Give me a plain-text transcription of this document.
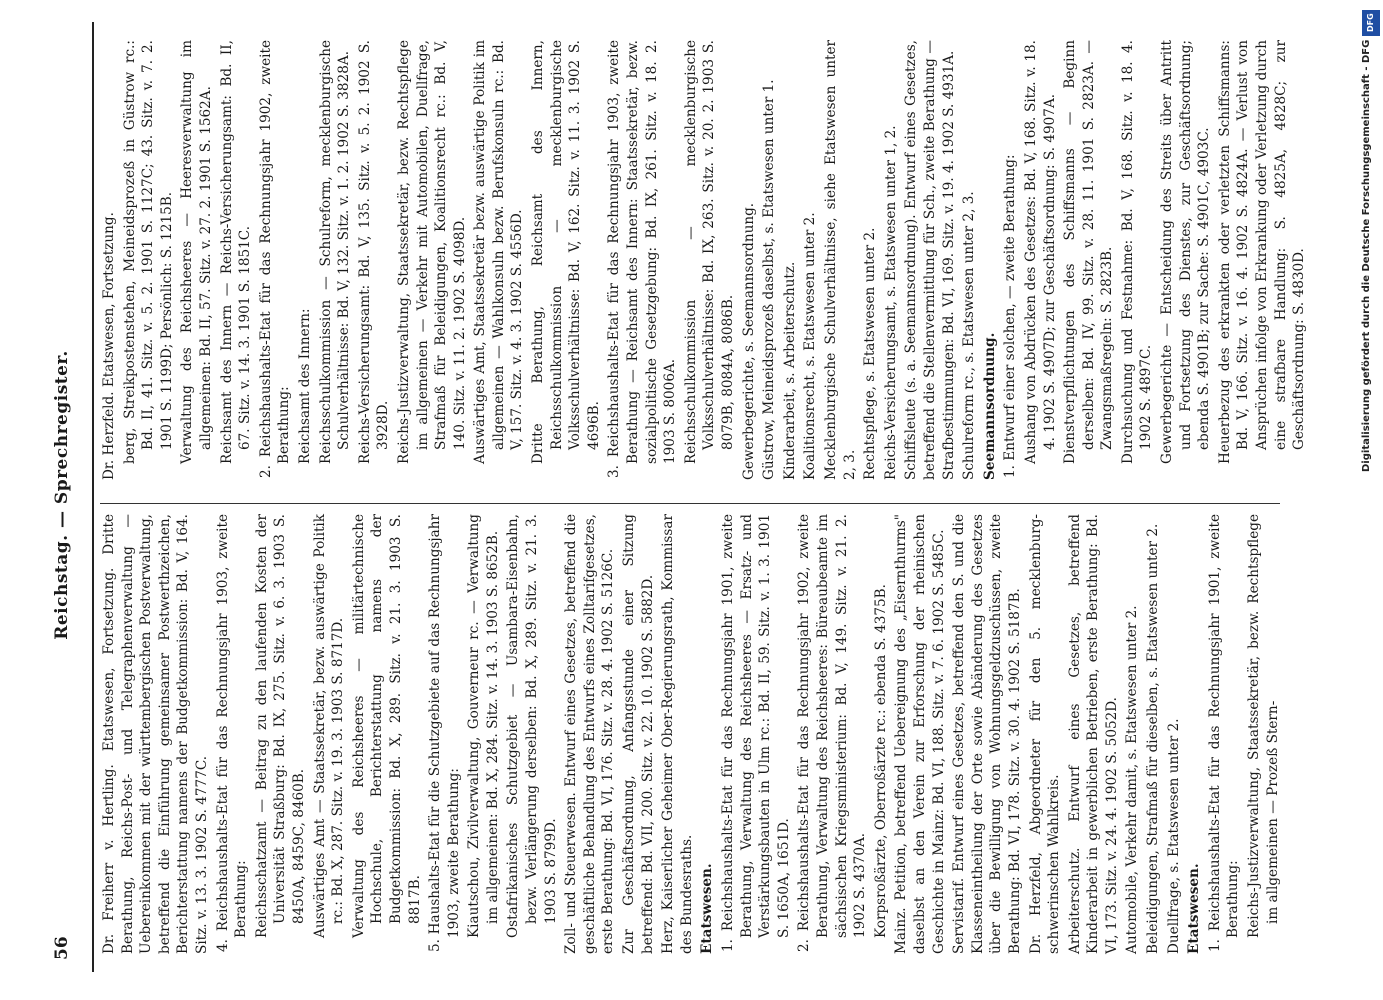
56
Reichstag. — Sprechregister.

Dr. Freiherr v. Hertling. Etatswesen, Fortsetzung. Dritte Berathung, Reichs-Post- und Telegraphenverwaltung — Uebereinkommen mit der württembergischen Postverwaltung, betreffend die Einführung gemeinsamer Postwerthzeichen, Berichterstattung namens der Budgetkommission: Bd. V, 164. Sitz. v. 13. 3. 1902 S. 4777C. 4. Reichshaushalts-Etat für das Rechnungsjahr 1903, zweite Berathung: Reichsschatzamt — Beitrag zu den laufenden Kosten der Universität Straßburg: Bd. IX, 275. Sitz. v. 6. 3. 1903 S. 8450A, 8459C, 8460B. Auswärtiges Amt — Staatssekretär, bezw. auswärtige Politik rc.: Bd. X, 287. Sitz. v. 19. 3. 1903 S. 8717D. Verwaltung des Reichsheeres — militärtechnische Hochschule, Berichterstattung namens der Budgetkommission: Bd. X, 289. Sitz. v. 21. 3. 1903 S. 8817B. 5. Haushalts-Etat für die Schutzgebiete auf das Rechnungsjahr 1903, zweite Berathung: Kiautschou, Zivilverwaltung, Gouverneur rc. — Verwaltung im allgemeinen: Bd. X, 284. Sitz. v. 14. 3. 1903 S. 8652B. Ostafrikanisches Schutzgebiet — Usambara-Eisenbahn, bezw. Verlängerung derselben: Bd. X, 289. Sitz. v. 21. 3. 1903 S. 8799D. Zoll- und Steuerwesen. Entwurf eines Gesetzes, betreffend die geschäftliche Behandlung des Entwurfs eines Zolltarifgesetzes, erste Berathung: Bd. VI, 176. Sitz. v. 28. 4. 1902 S. 5126C. Zur Geschäftsordnung, Anfangsstunde einer Sitzung betreffend: Bd. VII, 200. Sitz. v. 22. 10. 1902 S. 5882D. Herz, Kaiserlicher Geheimer Ober-Regierungsrath, Kommissar des Bundesraths. Etatswesen. 1. Reichshaushalts-Etat für das Rechnungsjahr 1901, zweite Berathung, Verwaltung des Reichsheeres — Ersatz- und Verstärkungsbauten in Ulm rc.: Bd. II, 59. Sitz. v. 1. 3. 1901 S. 1650A, 1651D. 2. Reichshaushalts-Etat für das Rechnungsjahr 1902, zweite Berathung, Verwaltung des Reichsheeres: Büreaubeamte im sächsischen Kriegsministerium: Bd. V, 149. Sitz. v. 21. 2. 1902 S. 4370A. Korpsroßärzte, Oberroßärzte rc.: ebenda S. 4375B. Mainz. Petition, betreffend Uebereignung des „Eisernthurms" daselbst an den Verein zur Erforschung der rheinischen Geschichte in Mainz: Bd. VI, 188. Sitz. v. 7. 6. 1902 S. 5485C. Servistarif. Entwurf eines Gesetzes, betreffend den S. und die Klasseneintheilung der Orte sowie Abänderung des Gesetzes über die Bewilligung von Wohnungsgeldzuschüssen, zweite Berathung: Bd. VI, 178. Sitz. v. 30. 4. 1902 S. 5187B. Dr. Herzfeld, Abgeordneter für den 5. mecklenburg-schwerinschen Wahlkreis. Arbeiterschutz. Entwurf eines Gesetzes, betreffend Kinderarbeit in gewerblichen Betrieben, erste Berathung: Bd. VI, 173. Sitz. v. 24. 4. 1902 S. 5052D. Automobile, Verkehr damit, s. Etatswesen unter 2. Beleidigungen, Strafmaß für dieselben, s. Etatswesen unter 2. Duellfrage, s. Etatswesen unter 2. Etatswesen. 1. Reichshaushalts-Etat für das Rechnungsjahr 1901, zweite Berathung: Reichs-Justizverwaltung, Staatssekretär, bezw. Rechtspflege im allgemeinen — Prozeß Stern-

Dr. Herzfeld. Etatswesen, Fortsetzung. berg, Streikpostenstehen, Meineidsprozeß in Güstrow rc.: Bd. II, 41. Sitz. v. 5. 2. 1901 S. 1127C; 43. Sitz. v. 7. 2. 1901 S. 1199D; Persönlich: S. 1215B. Verwaltung des Reichsheeres — Heeresverwaltung im allgemeinen: Bd. II, 57. Sitz. v. 27. 2. 1901 S. 1562A. Reichsamt des Innern — Reichs-Versicherungsamt: Bd. II, 67. Sitz. v. 14. 3. 1901 S. 1851C. 2. Reichshaushalts-Etat für das Rechnungsjahr 1902, zweite Berathung: Reichsamt des Innern: Reichsschulkommission — Schulreform, mecklenburgische Schulverhältnisse: Bd. V, 132. Sitz. v. 1. 2. 1902 S. 3828A. Reichs-Versicherungsamt: Bd. V, 135. Sitz. v. 5. 2. 1902 S. 3928D. Reichs-Justizverwaltung, Staatssekretär, bezw. Rechtspflege im allgemeinen — Verkehr mit Automobilen, Duellfrage, Strafmaß für Beleidigungen, Koalitionsrecht rc.: Bd. V, 140. Sitz. v. 11. 2. 1902 S. 4098D. Auswärtiges Amt, Staatssekretär bezw. auswärtige Politik im allgemeinen — Wahlkonsuln bezw. Berufskonsuln rc.: Bd. V, 157. Sitz. v. 4. 3. 1902 S. 4556D. Dritte Berathung, Reichsamt des Innern, Reichsschulkommission — mecklenburgische Volksschulverhältnisse: Bd. V, 162. Sitz. v. 11. 3. 1902 S. 4696B. 3. Reichshaushalts-Etat für das Rechnungsjahr 1903, zweite Berathung — Reichsamt des Innern: Staatssekretär, bezw. sozialpolitische Gesetzgebung: Bd. IX, 261. Sitz. v. 18. 2. 1903 S. 8006A. Reichsschulkommission — mecklenburgische Volksschulverhältnisse: Bd. IX, 263. Sitz. v. 20. 2. 1903 S. 8079B, 8084A, 8086B. Gewerbegerichte, s. Seemannsordnung. Güstrow, Meineidsprozeß daselbst, s. Etatswesen unter 1. Kinderarbeit, s. Arbeiterschutz. Koalitionsrecht, s. Etatswesen unter 2. Mecklenburgische Schulverhältnisse, siehe Etatswesen unter 2, 3. Rechtspflege, s. Etatswesen unter 2. Reichs-Versicherungsamt, s. Etatswesen unter 1, 2. Schiffsleute (s. a. Seemannsordnung). Entwurf eines Gesetzes, betreffend die Stellenvermittlung für Sch., zweite Berathung — Strafbestimmungen: Bd. VI, 169. Sitz. v. 19. 4. 1902 S. 4931A. Schulreform rc., s. Etatswesen unter 2, 3. Seemannsordnung. 1. Entwurf einer solchen, — zweite Berathung: Aushang von Abdrücken des Gesetzes: Bd. V, 168. Sitz. v. 18. 4. 1902 S. 4907D; zur Geschäftsordnung: S. 4907A. Dienstverpflichtungen des Schiffsmanns — Beginn derselben: Bd. IV, 99. Sitz. v. 28. 11. 1901 S. 2823A. — Zwangsmaßregeln: S. 2823B. Durchsuchung und Festnahme: Bd. V, 168. Sitz. v. 18. 4. 1902 S. 4897C. Gewerbegerichte — Entscheidung des Streits über Antritt und Fortsetzung des Dienstes, zur Geschäftsordnung; ebenda S. 4901B; zur Sache: S. 4901C, 4903C. Heuerbezug des erkrankten oder verletzten Schiffsmanns: Bd. V, 166. Sitz. v. 16. 4. 1902 S. 4824A. — Verlust von Ansprüchen infolge von Erkrankung oder Verletzung durch eine strafbare Handlung: S. 4825A, 4828C; zur Geschäftsordnung: S. 4830D.

DFG
Digitalisierung gefördert durch die Deutsche Forschungsgemeinschaft - DFG
